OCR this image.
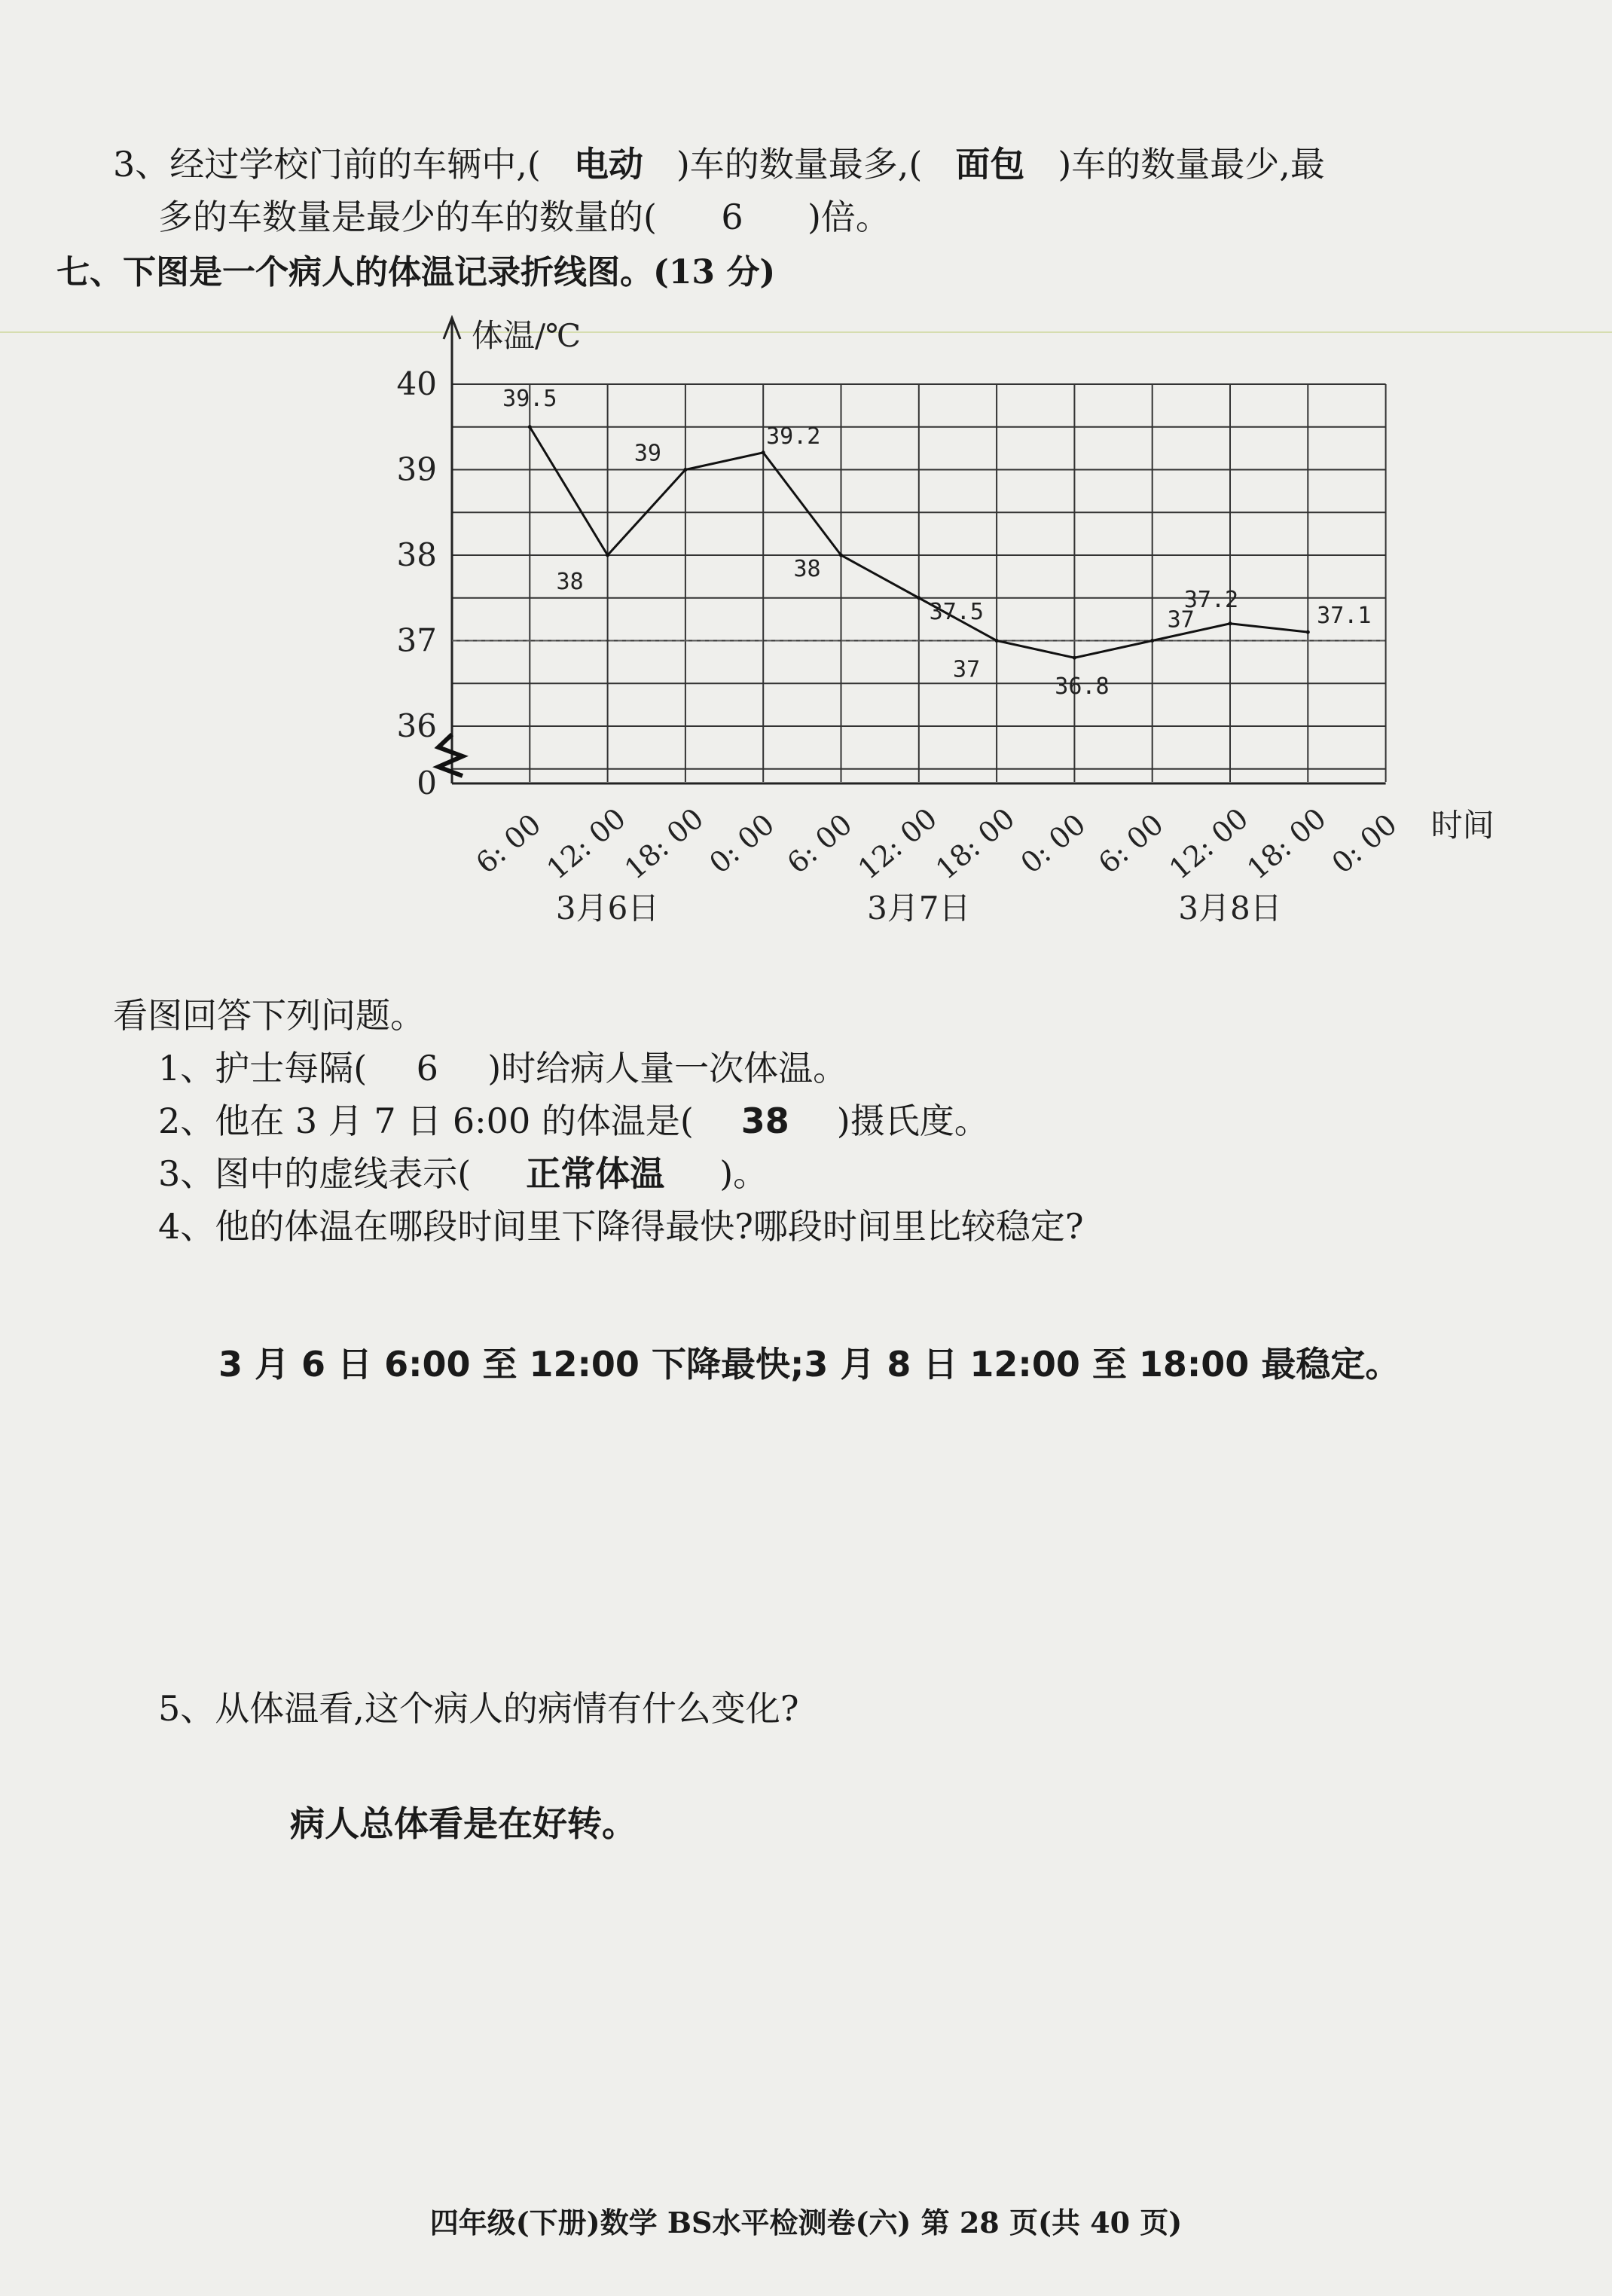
3、经过学校门前的车辆中,( 电动 )车的数量最多,( 面包 )车的数量最少,最
多的车数量是最少的车的数量的( 6 )倍。
七、下图是一个病人的体温记录折线图。(13 分)
体温/℃
40
39
38
37
36
0
6: 00
12: 00
18: 00
0: 00 6: 00
12: 00
18: 00
0: 00 6: 00
12: 00
18: 00
0: 00 时间
3月6日	3月7日	3月8日
39.5
38
39
39.2
38
37.5
37
36.8
37
37.2
37.1
看图回答下列问题。
1、护士每隔( 6 )时给病人量一次体温。
2、他在 3 月 7 日 6:00 的体温是( 38 )摄氏度。
3、图中的虚线表示( 正常体温 )。
4、他的体温在哪段时间里下降得最快?哪段时间里比较稳定?
3 月 6 日 6:00 至 12:00 下降最快;3 月 8 日 12:00 至 18:00 最稳定。
5、从体温看,这个病人的病情有什么变化?
病人总体看是在好转。
四年级(下册)数学 BS水平检测卷(六) 第 28 页(共 40 页)
